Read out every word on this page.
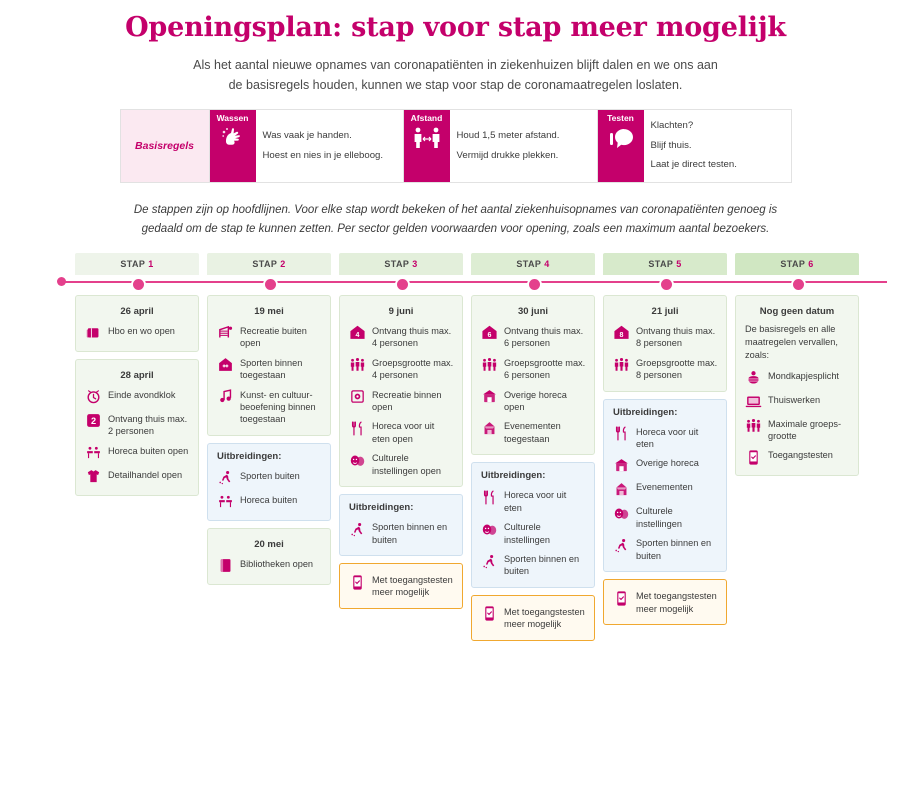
Openingsplan: stap voor stap meer mogelijk
Als het aantal nieuwe opnames van coronapatiënten in ziekenhuizen blijft dalen en we ons aan
de basisregels houden, kunnen we stap voor stap de coronamaatregelen loslaten.
Basisregels
Wassen
Was vaak je handen.
Hoest en nies in je elleboog.
Afstand
Houd 1,5 meter afstand.
Vermijd drukke plekken.
Testen
Klachten?
Blijf thuis.
Laat je direct testen.
De stappen zijn op hoofdlijnen. Voor elke stap wordt bekeken of het aantal ziekenhuisopnames van coronapatiënten genoeg is gedaald om de stap te kunnen zetten. Per sector gelden voorwaarden voor opening, zoals een maximum aantal bezoekers.
STAP 1
26 april
Hbo en wo open
28 april
Einde avondklok
2 Ontvang thuis max. 2 personen
Horeca buiten open
Detailhandel open
STAP 2
19 mei
Recreatie buiten open
Sporten binnen toegestaan
Kunst- en cultuurbeoefening binnen toegestaan
Uitbreidingen:
Sporten buiten
Horeca buiten
20 mei
Bibliotheken open
STAP 3
9 juni
4 Ontvang thuis max. 4 personen
Groepsgrootte max. 4 personen
Recreatie binnen open
Horeca voor uit eten open
Culturele instellingen open
Uitbreidingen:
Sporten binnen en buiten
Met toegangstesten meer mogelijk
STAP 4
30 juni
6 Ontvang thuis max. 6 personen
Groepsgrootte max. 6 personen
Overige horeca open
Evenementen toegestaan
Uitbreidingen:
Horeca voor uit eten
Culturele instellingen
Sporten binnen en buiten
Met toegangstesten meer mogelijk
STAP 5
21 juli
8 Ontvang thuis max. 8 personen
Groepsgrootte max. 8 personen
Uitbreidingen:
Horeca voor uit eten
Overige horeca
Evenementen
Culturele instellingen
Sporten binnen en buiten
Met toegangstesten meer mogelijk
STAP 6
Nog geen datum
De basisregels en alle maatregelen vervallen, zoals:
Mondkapjesplicht
Thuiswerken
Maximale groepsgrootte
Toegangstesten
